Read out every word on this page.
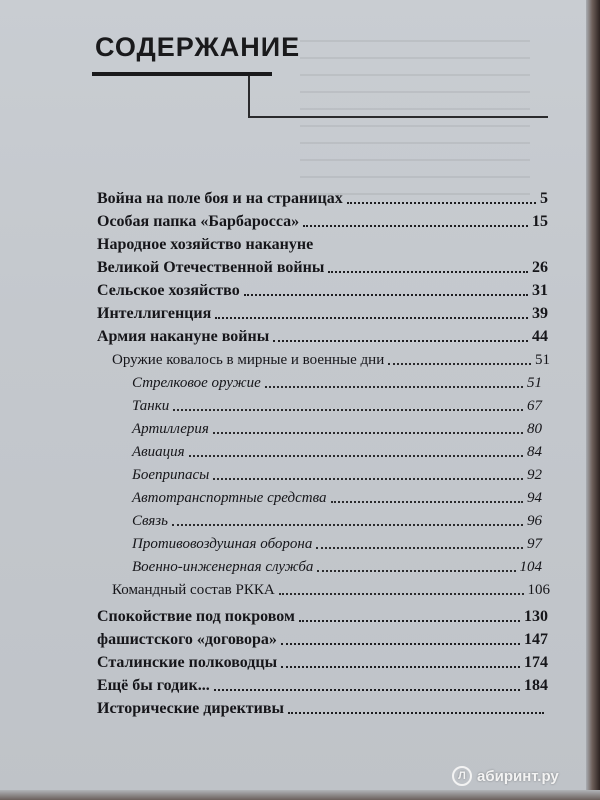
СОДЕРЖАНИЕ
Война на поле боя и на страницах	5
Особая папка «Барбаросса»	15
Народное хозяйство накануне
Великой Отечественной войны	26
Сельское хозяйство	31
Интеллигенция	39
Армия накануне войны	44
Оружие ковалось в мирные и военные дни	51
Стрелковое оружие	51
Танки	67
Артиллерия	80
Авиация	84
Боеприпасы	92
Автотранспортные средства	94
Связь	96
Противовоздушная оборона	97
Военно-инженерная служба	104
Командный состав РККА	106
Спокойствие под покровом	130
фашистского «договора»	147
Сталинские полководцы	174
Ещё бы годик...	184
Исторические директивы
Л абиринт.ру
